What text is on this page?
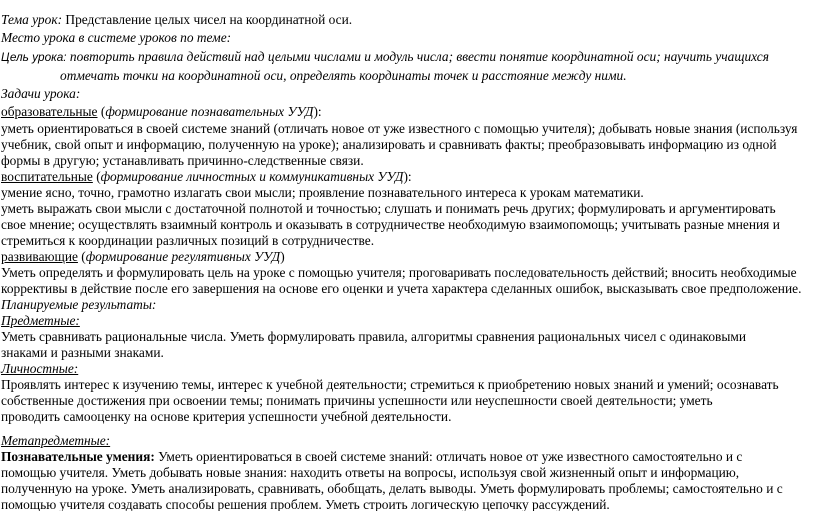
Тема урок: Представление целых чисел на координатной оси.
Место урока в системе уроков по теме:
Цель урока: повторить правила действий над целыми числами и модуль числа; ввести понятие координатной оси; научить учащихся
отмечать точки на координатной оси, определять координаты точек и расстояние между ними.
Задачи урока:
образовательные (формирование познавательных УУД):
уметь ориентироваться в своей системе знаний (отличать новое от уже известного с помощью учителя); добывать новые знания (используя
учебник, свой опыт и информацию, полученную на уроке); анализировать и сравнивать факты; преобразовывать информацию из одной
формы в другую; устанавливать причинно-следственные связи.
воспитательные (формирование личностных и коммуникативных УУД):
умение ясно, точно, грамотно излагать свои мысли; проявление познавательного интереса к урокам математики.
уметь выражать свои мысли с достаточной полнотой и точностью; слушать и понимать речь других; формулировать и аргументировать
свое мнение; осуществлять взаимный контроль и оказывать в сотрудничестве необходимую взаимопомощь; учитывать разные мнения и
стремиться к координации различных позиций в сотрудничестве.
развивающие (формирование регулятивных УУД)
Уметь определять и формулировать цель на уроке с помощью учителя; проговаривать последовательность действий; вносить необходимые
коррективы в действие после его завершения на основе его оценки и учета характера сделанных ошибок, высказывать свое предположение.
Планируемые результаты:
Предметные:
Уметь сравнивать рациональные числа. Уметь формулировать правила, алгоритмы сравнения рациональных чисел с одинаковыми
знаками и разными знаками.
Личностные:
Проявлять интерес к изучению темы, интерес к учебной деятельности; стремиться к приобретению новых знаний и умений; осознавать
собственные достижения при освоении темы; понимать причины успешности или неуспешности своей деятельности; уметь
проводить самооценку на основе критерия успешности учебной деятельности.
Метапредметные:
Познавательные умения: Уметь ориентироваться в своей системе знаний: отличать новое от уже известного самостоятельно и с
помощью учителя. Уметь добывать новые знания: находить ответы на вопросы, используя свой жизненный опыт и информацию,
полученную на уроке. Уметь анализировать, сравнивать, обобщать, делать выводы. Уметь формулировать проблемы; самостоятельно и с
помощью учителя создавать способы решения проблем. Уметь строить логическую цепочку рассуждений.
